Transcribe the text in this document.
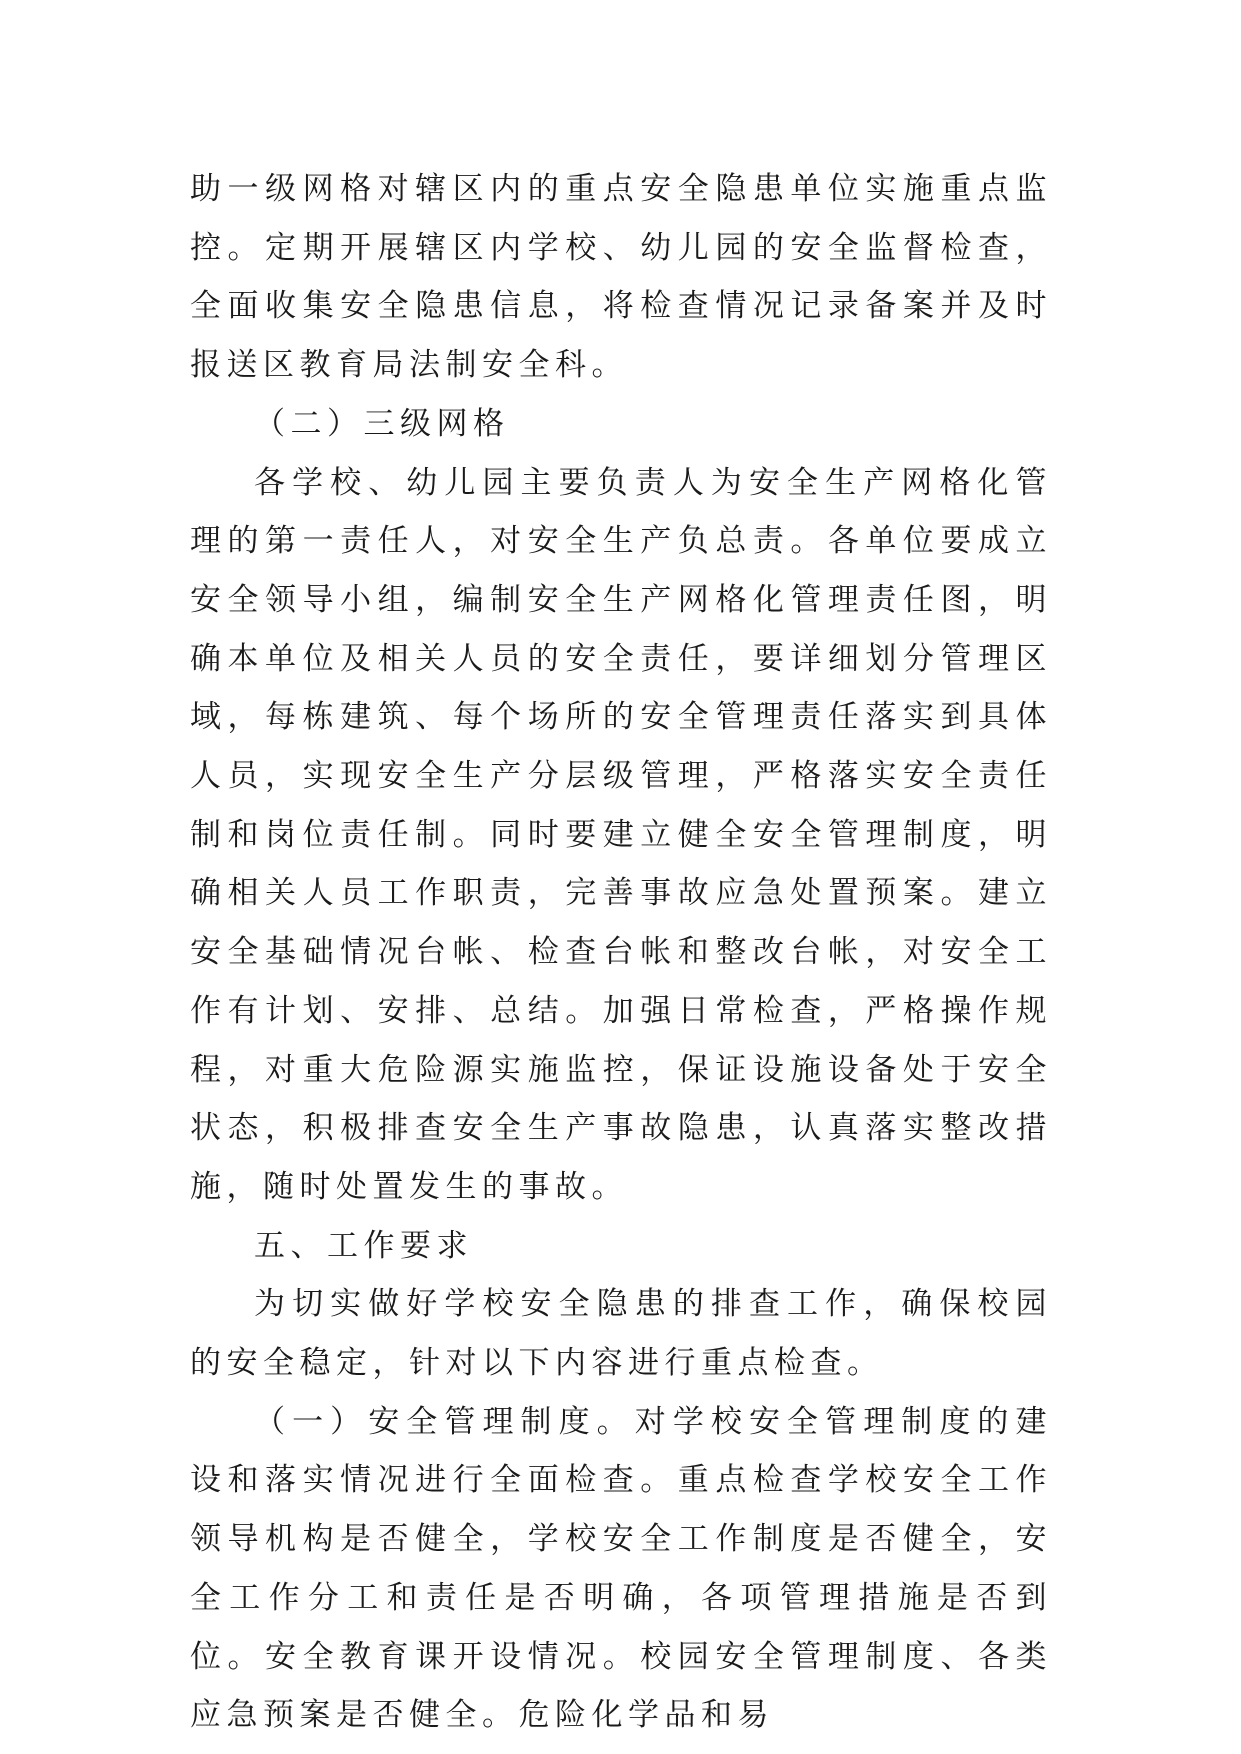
助一级网格对辖区内的重点安全隐患单位实施重点监控。定期开展辖区内学校、幼儿园的安全监督检查，全面收集安全隐患信息，将检查情况记录备案并及时报送区教育局法制安全科。

（二）三级网格

各学校、幼儿园主要负责人为安全生产网格化管理的第一责任人，对安全生产负总责。各单位要成立安全领导小组，编制安全生产网格化管理责任图，明确本单位及相关人员的安全责任，要详细划分管理区域，每栋建筑、每个场所的安全管理责任落实到具体人员，实现安全生产分层级管理，严格落实安全责任制和岗位责任制。同时要建立健全安全管理制度，明确相关人员工作职责，完善事故应急处置预案。建立安全基础情况台帐、检查台帐和整改台帐，对安全工作有计划、安排、总结。加强日常检查，严格操作规程，对重大危险源实施监控，保证设施设备处于安全状态，积极排查安全生产事故隐患，认真落实整改措施，随时处置发生的事故。

五、工作要求

为切实做好学校安全隐患的排查工作，确保校园的安全稳定，针对以下内容进行重点检查。

（一）安全管理制度。对学校安全管理制度的建设和落实情况进行全面检查。重点检查学校安全工作领导机构是否健全，学校安全工作制度是否健全，安全工作分工和责任是否明确，各项管理措施是否到位。安全教育课开设情况。校园安全管理制度、各类应急预案是否健全。危险化学品和易
